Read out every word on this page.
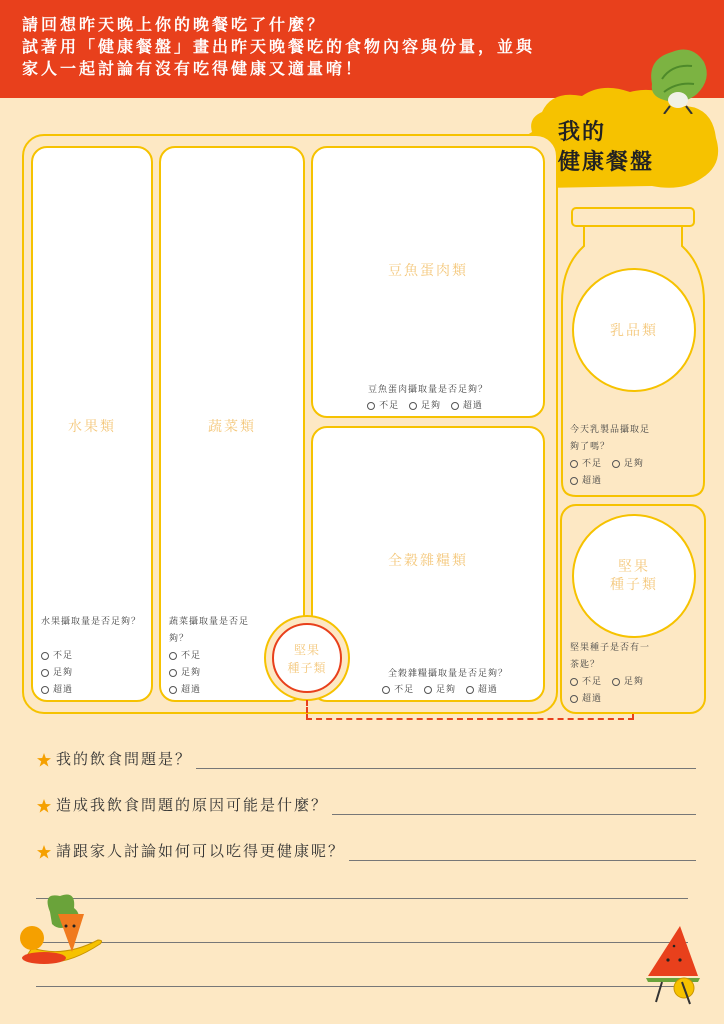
請回想昨天晚上你的晚餐吃了什麼？
試著用「健康餐盤」畫出昨天晚餐吃的食物內容與份量，並與
家人一起討論有沒有吃得健康又適量唷！
我的
健康餐盤
水果類
水果攝取量是否足夠？
不足
足夠
超過
蔬菜類
蔬菜攝取量是否足夠？
不足
足夠
超過
豆魚蛋肉類
豆魚蛋肉攝取量是否足夠？
不足 足夠 超過
全穀雜糧類
全穀雜糧攝取量是否足夠？
不足 足夠 超過
堅果
種子類
乳品類
今天乳製品攝取足
夠了嗎？
不足 足夠
超過
堅果
種子類
堅果種子是否有一
茶匙？
不足 足夠
超過
我的飲食問題是？
造成我飲食問題的原因可能是什麼？
請跟家人討論如何可以吃得更健康呢？
